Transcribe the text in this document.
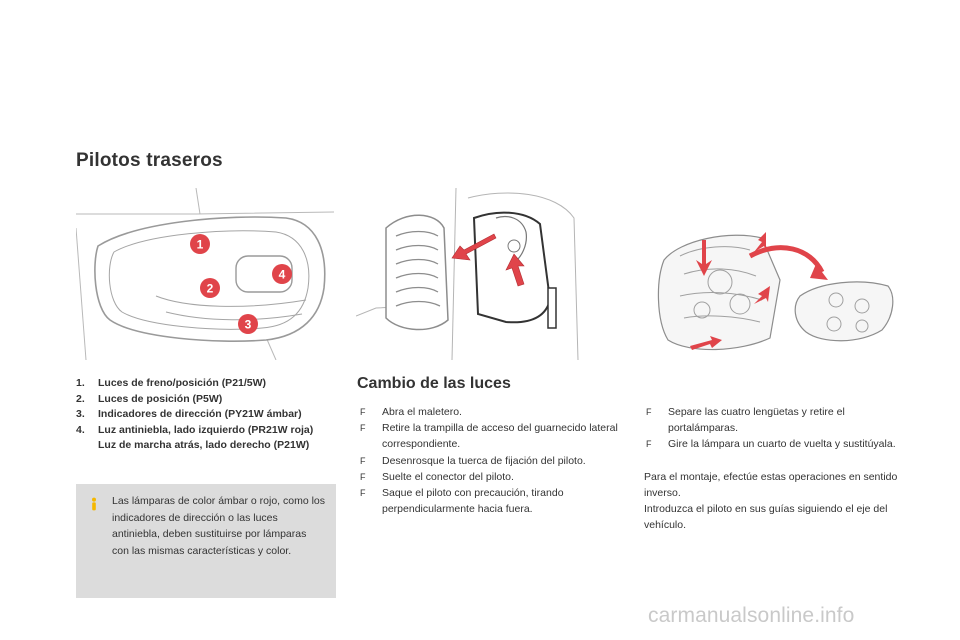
Pilotos traseros
1
2
3
4
1.	Luces de freno/posición (P21/5W)
2.	Luces de posición (P5W)
3.	Indicadores de dirección (PY21W ámbar)
4.	Luz antiniebla, lado izquierdo (PR21W roja)
Luz de marcha atrás, lado derecho (P21W)
Las lámparas de color ámbar o rojo, como los indicadores de dirección o las luces antiniebla, deben sustituirse por lámparas con las mismas características y color.
Cambio de las luces
F	Abra el maletero.
F	Retire la trampilla de acceso del guarnecido lateral correspondiente.
F	Desenrosque la tuerca de fijación del piloto.
F	Suelte el conector del piloto.
F	Saque el piloto con precaución, tirando perpendicularmente hacia fuera.
F	Separe las cuatro lengüetas y retire el portalámparas.
F	Gire la lámpara un cuarto de vuelta y sustitúyala.

Para el montaje, efectúe estas operaciones en sentido inverso.

Introduzca el piloto en sus guías siguiendo el eje del vehículo.

carmanualsonline.info
